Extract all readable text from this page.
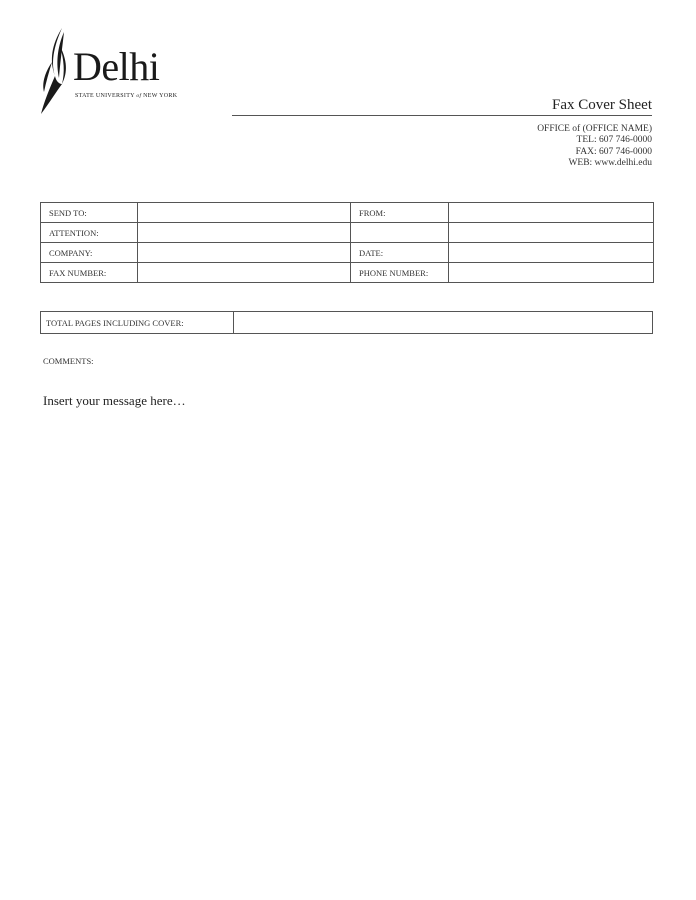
Delhi
STATE UNIVERSITY of NEW YORK
Fax Cover Sheet
OFFICE of (OFFICE NAME)
TEL: 607 746-0000
FAX: 607 746-0000
WEB: www.delhi.edu
SEND TO:		FROM:	
ATTENTION:			
COMPANY:		DATE:	
FAX NUMBER:		PHONE NUMBER:	
TOTAL PAGES INCLUDING COVER:	
COMMENTS:
Insert your message here…
